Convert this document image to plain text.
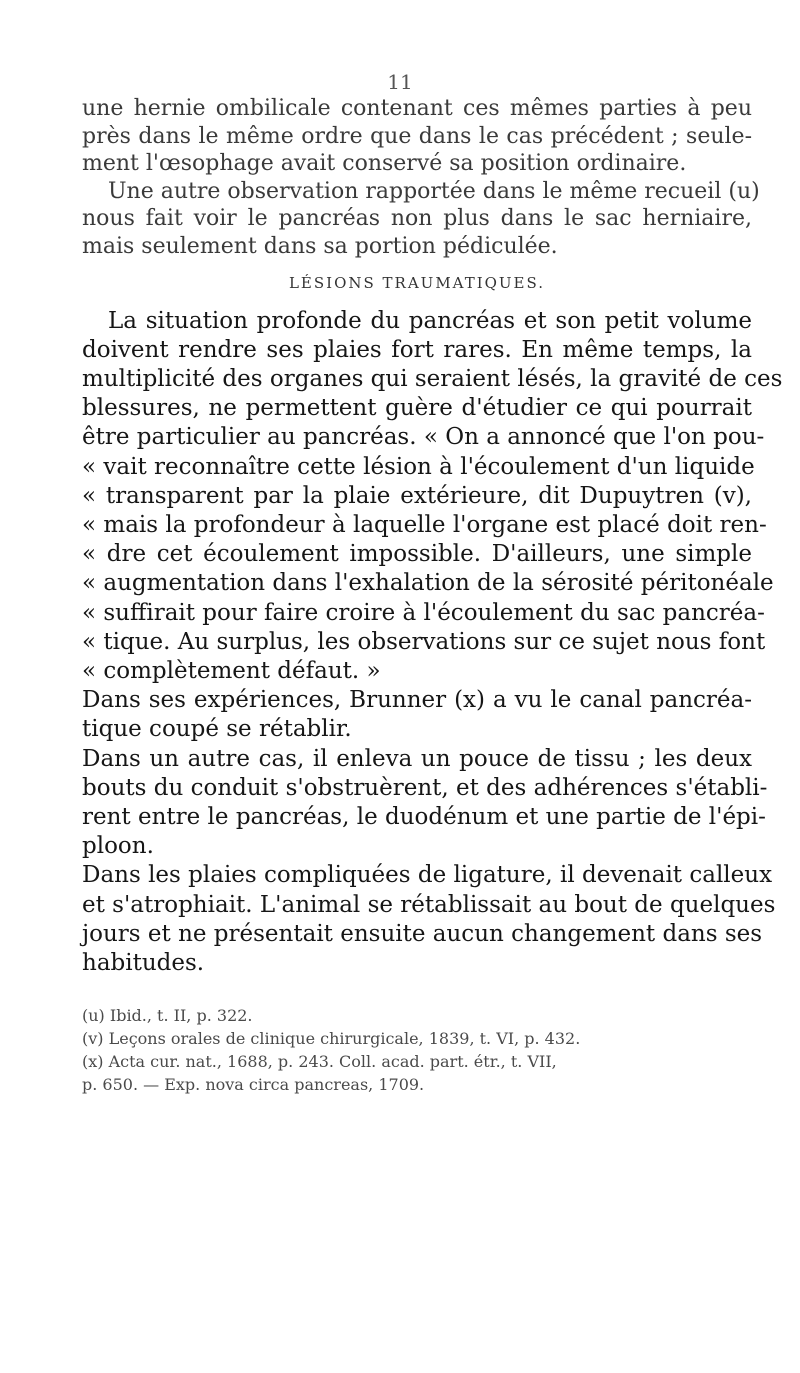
11
une hernie ombilicale contenant ces mêmes parties à peu
près dans le même ordre que dans le cas précédent ; seule-
ment l'œsophage avait conservé sa position ordinaire.
Une autre observation rapportée dans le même recueil (u)
nous fait voir le pancréas non plus dans le sac herniaire,
mais seulement dans sa portion pédiculée.
LÉSIONS TRAUMATIQUES.
La situation profonde du pancréas et son petit volume
doivent rendre ses plaies fort rares. En même temps, la
multiplicité des organes qui seraient lésés, la gravité de ces
blessures, ne permettent guère d'étudier ce qui pourrait
être particulier au pancréas. « On a annoncé que l'on pou-
« vait reconnaître cette lésion à l'écoulement d'un liquide
« transparent par la plaie extérieure, dit Dupuytren (v),
« mais la profondeur à laquelle l'organe est placé doit ren-
« dre cet écoulement impossible. D'ailleurs, une simple
« augmentation dans l'exhalation de la sérosité péritonéale
« suffirait pour faire croire à l'écoulement du sac pancréa-
« tique. Au surplus, les observations sur ce sujet nous font
« complètement défaut. »
Dans ses expériences, Brunner (x) a vu le canal pancréa-
tique coupé se rétablir.
Dans un autre cas, il enleva un pouce de tissu ; les deux
bouts du conduit s'obstruèrent, et des adhérences s'établi-
rent entre le pancréas, le duodénum et une partie de l'épi-
ploon.
Dans les plaies compliquées de ligature, il devenait calleux
et s'atrophiait. L'animal se rétablissait au bout de quelques
jours et ne présentait ensuite aucun changement dans ses
habitudes.
(u) Ibid., t. II, p. 322.
(v) Leçons orales de clinique chirurgicale, 1839, t. VI, p. 432.
(x) Acta cur. nat., 1688, p. 243. Coll. acad. part. étr., t. VII,
p. 650. — Exp. nova circa pancreas, 1709.
